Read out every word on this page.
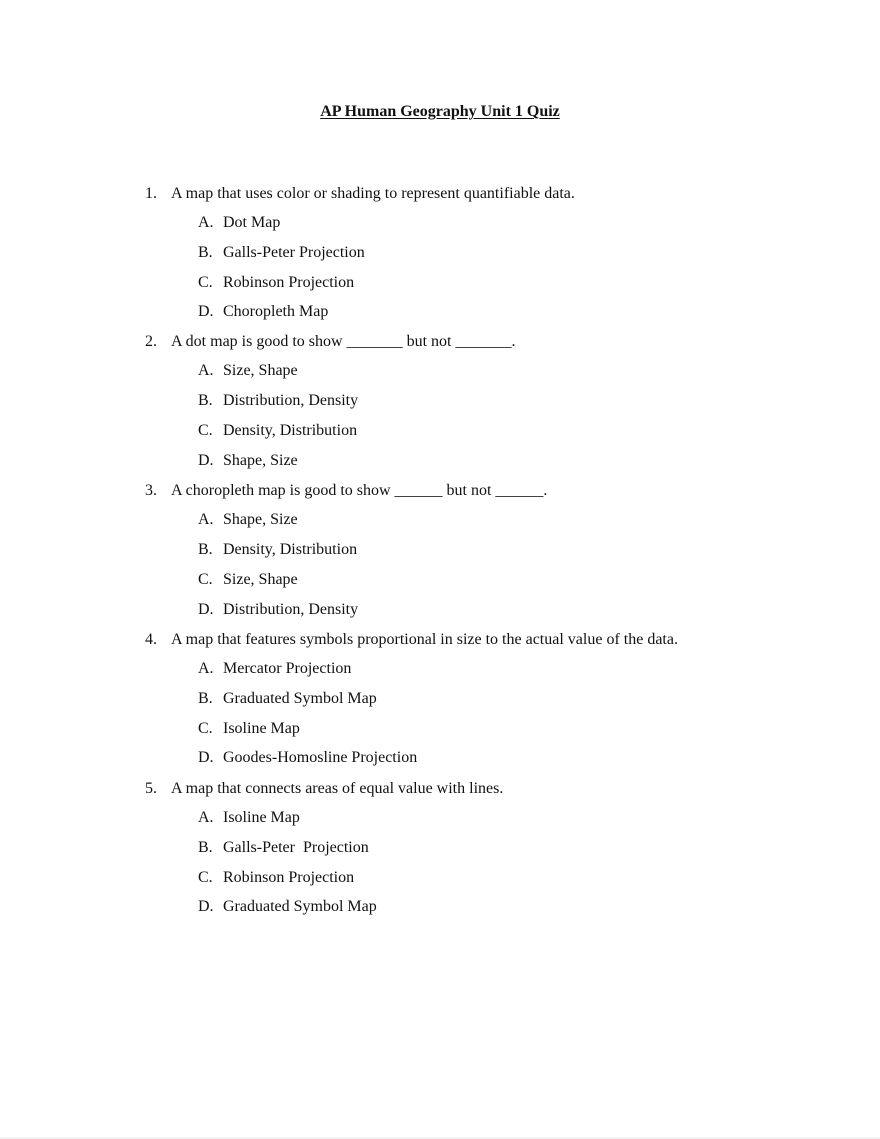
AP Human Geography Unit 1 Quiz

1. A map that uses color or shading to represent quantifiable data.

A. Dot Map

B. Galls-Peter Projection

C. Robinson Projection

D. Choropleth Map

2. A dot map is good to show _______ but not _______.

A. Size, Shape

B. Distribution, Density

C. Density, Distribution

D. Shape, Size

3. A choropleth map is good to show ______ but not ______.

A. Shape, Size

B. Density, Distribution

C. Size, Shape

D. Distribution, Density

4. A map that features symbols proportional in size to the actual value of the data.

A. Mercator Projection

B. Graduated Symbol Map

C. Isoline Map

D. Goodes-Homosline Projection

5. A map that connects areas of equal value with lines.

A. Isoline Map

B. Galls-Peter  Projection

C. Robinson Projection

D. Graduated Symbol Map
